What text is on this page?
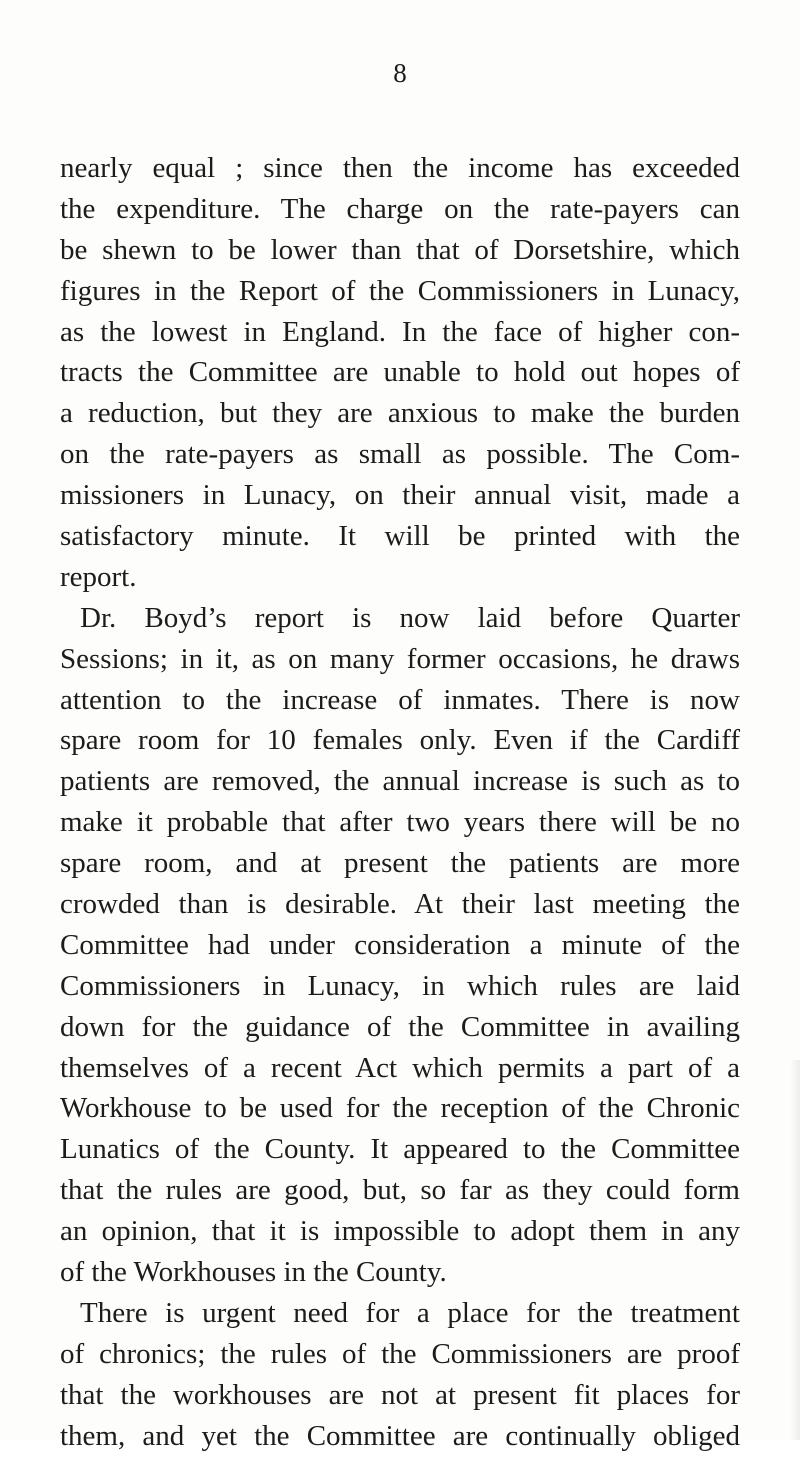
8
nearly equal ; since then the income has exceeded
the expenditure. The charge on the rate-payers can
be shewn to be lower than that of Dorsetshire, which
figures in the Report of the Commissioners in Lunacy,
as the lowest in England. In the face of higher con-
tracts the Committee are unable to hold out hopes of
a reduction, but they are anxious to make the burden
on the rate-payers as small as possible. The Com-
missioners in Lunacy, on their annual visit, made a
satisfactory minute. It will be printed with the
report.
Dr. Boyd’s report is now laid before Quarter
Sessions; in it, as on many former occasions, he draws
attention to the increase of inmates. There is now
spare room for 10 females only. Even if the Cardiff
patients are removed, the annual increase is such as to
make it probable that after two years there will be no
spare room, and at present the patients are more
crowded than is desirable. At their last meeting the
Committee had under consideration a minute of the
Commissioners in Lunacy, in which rules are laid
down for the guidance of the Committee in availing
themselves of a recent Act which permits a part of a
Workhouse to be used for the reception of the Chronic
Lunatics of the County. It appeared to the Committee
that the rules are good, but, so far as they could form
an opinion, that it is impossible to adopt them in any
of the Workhouses in the County.
There is urgent need for a place for the treatment
of chronics; the rules of the Commissioners are proof
that the workhouses are not at present fit places for
them, and yet the Committee are continually obliged
